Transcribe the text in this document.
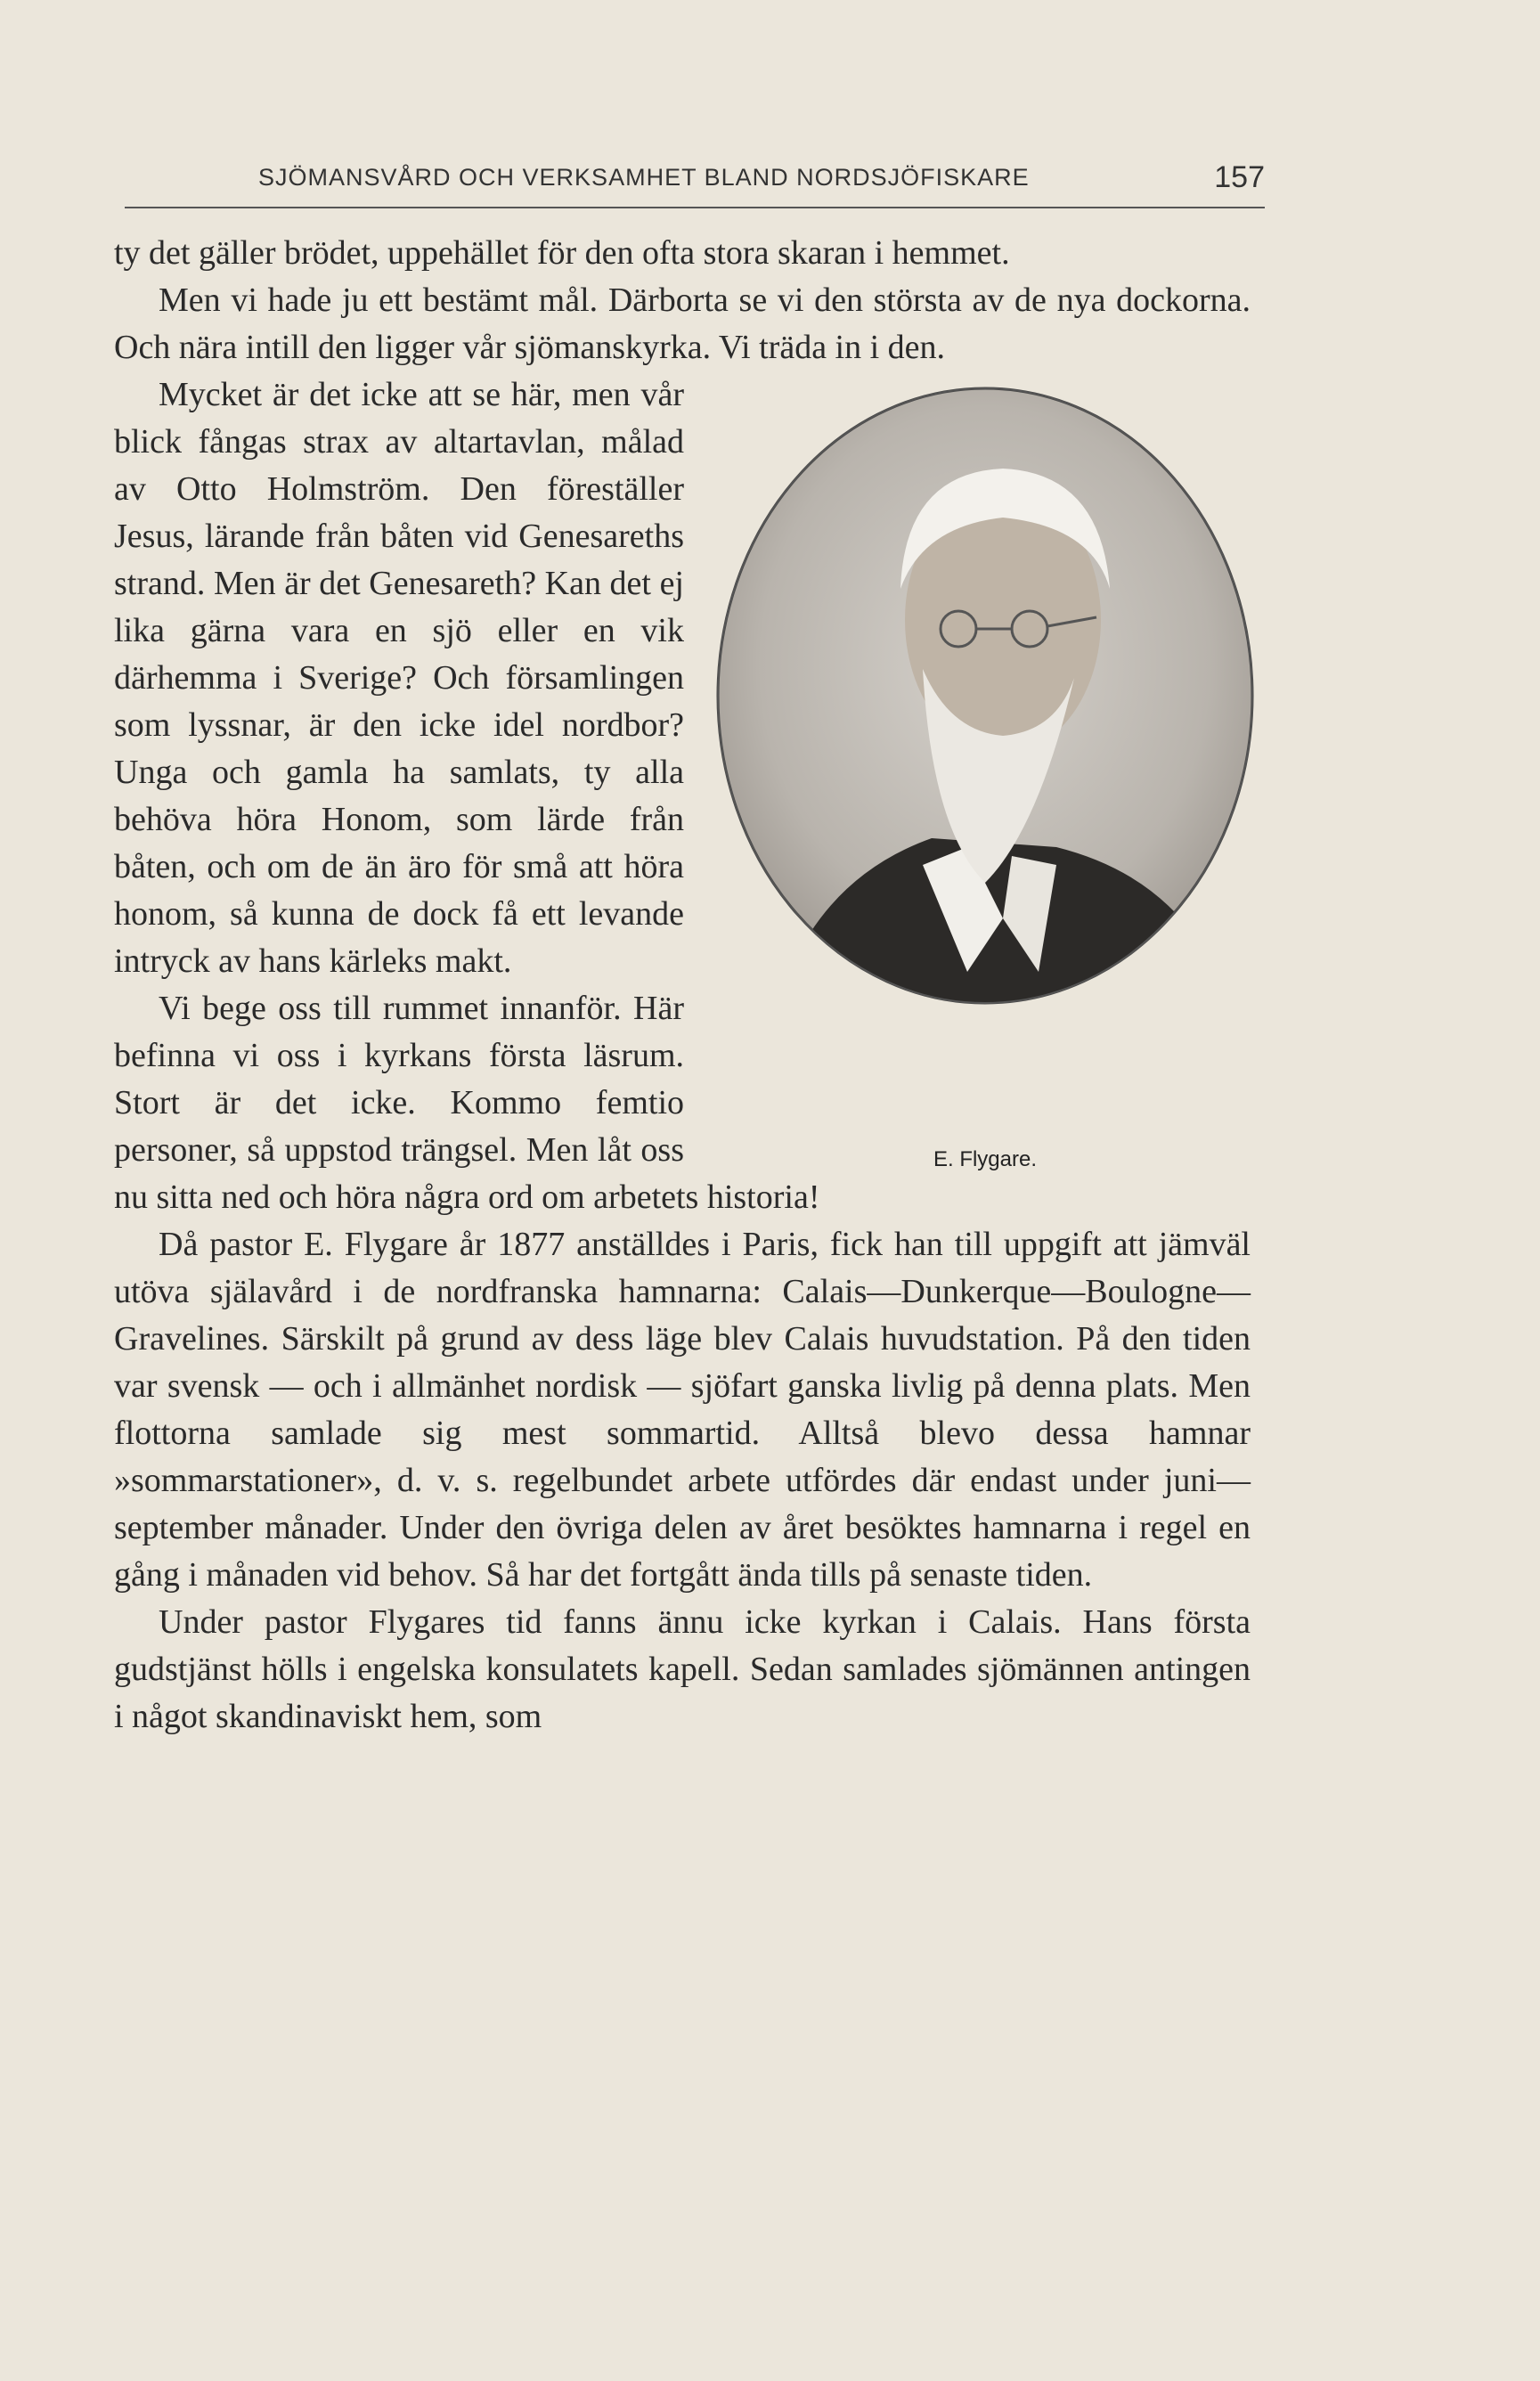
SJÖMANSVÅRD OCH VERKSAMHET BLAND NORDSJÖFISKARE	157

ty det gäller brödet, uppehället för den ofta stora skaran i hemmet.

Men vi hade ju ett bestämt mål. Därborta se vi den största av de nya dockorna. Och nära intill den ligger vår sjömanskyrka. Vi träda in i den.

E. Flygare.

Mycket är det icke att se här, men vår blick fångas strax av altartavlan, målad av Otto Holmström. Den föreställer Jesus, lärande från båten vid Genesareths strand. Men är det Genesareth? Kan det ej lika gärna vara en sjö eller en vik därhemma i Sverige? Och församlingen som lyssnar, är den icke idel nordbor? Unga och gamla ha samlats, ty alla behöva höra Honom, som lärde från båten, och om de än äro för små att höra honom, så kunna de dock få ett levande intryck av hans kärleks makt.

Vi bege oss till rummet innanför. Här befinna vi oss i kyrkans första läsrum. Stort är det icke. Kommo femtio personer, så uppstod trängsel. Men låt oss nu sitta ned och höra några ord om arbetets historia!

Då pastor E. Flygare år 1877 anställdes i Paris, fick han till uppgift att jämväl utöva själavård i de nordfranska hamnarna: Calais—Dunkerque—Boulogne—Gravelines. Särskilt på grund av dess läge blev Calais huvudstation. På den tiden var svensk — och i allmänhet nordisk — sjöfart ganska livlig på denna plats. Men flottorna samlade sig mest sommartid. Alltså blevo dessa hamnar »sommarstationer», d. v. s. regelbundet arbete utfördes där endast under juni—september månader. Under den övriga delen av året besöktes hamnarna i regel en gång i månaden vid behov. Så har det fortgått ända tills på senaste tiden.

Under pastor Flygares tid fanns ännu icke kyrkan i Calais. Hans första gudstjänst hölls i engelska konsulatets kapell. Sedan samlades sjömännen antingen i något skandinaviskt hem, som
